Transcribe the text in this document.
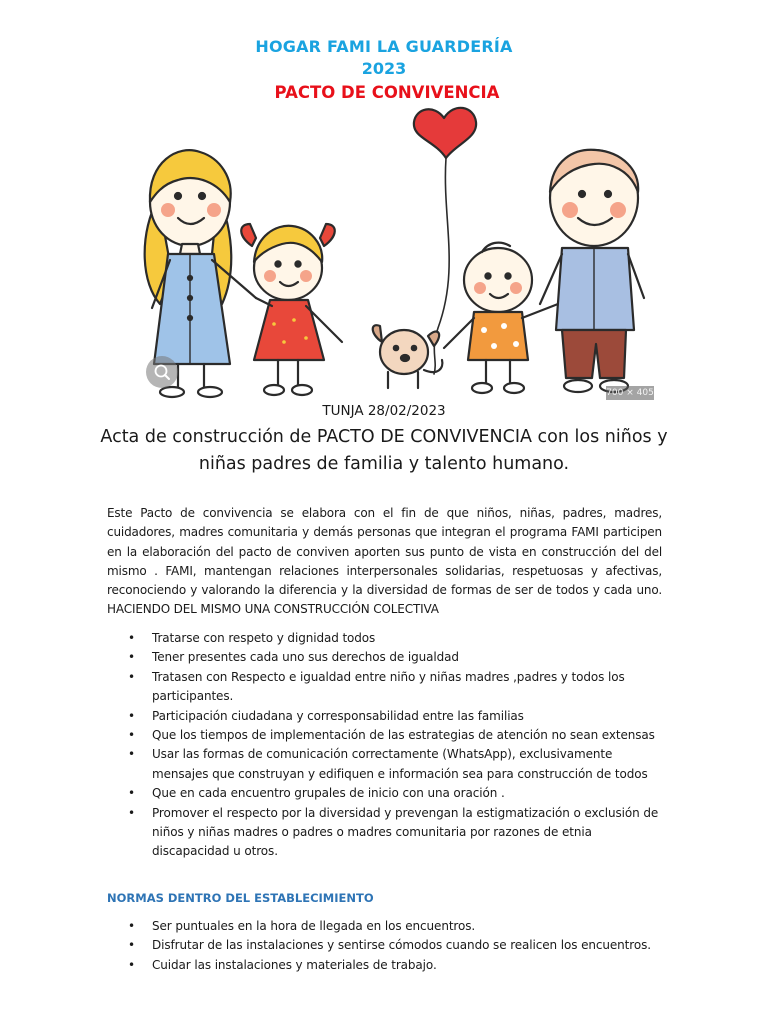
HOGAR FAMI LA GUARDERÍA
2023
PACTO DE CONVIVENCIA
700 × 405
TUNJA 28/02/2023
Acta de construcción de PACTO DE CONVIVENCIA con los niños y
niñas padres de familia y talento humano.

Este Pacto de convivencia se elabora con el fin de que niños, niñas, padres, madres, cuidadores, madres comunitaria y demás personas que integran el programa FAMI participen en la elaboración del pacto de conviven aporten sus punto de vista en construcción del del mismo . FAMI, mantengan relaciones interpersonales solidarias, respetuosas y afectivas, reconociendo y valorando la diferencia y la diversidad de formas de ser de todos y cada uno. HACIENDO DEL MISMO UNA CONSTRUCCIÓN COLECTIVA

• Tratarse con respeto y dignidad todos
• Tener presentes cada uno sus derechos de igualdad
• Tratasen con Respecto e igualdad entre niño y niñas madres ,padres y todos los participantes.
• Participación ciudadana y corresponsabilidad entre las familias
• Que los tiempos de implementación de las estrategias de atención no sean extensas
• Usar las formas de comunicación correctamente (WhatsApp), exclusivamente mensajes que construyan y edifiquen e información sea para construcción de todos
• Que en cada encuentro grupales de inicio con una oración .
• Promover el respecto por la diversidad y prevengan la estigmatización o exclusión de niños y niñas madres o padres o madres comunitaria por razones de etnia discapacidad u otros.
NORMAS DENTRO DEL ESTABLECIMIENTO
• Ser puntuales en la hora de llegada en los encuentros.
• Disfrutar de las instalaciones y sentirse cómodos cuando se realicen los encuentros.
• Cuidar las instalaciones y materiales de trabajo.
